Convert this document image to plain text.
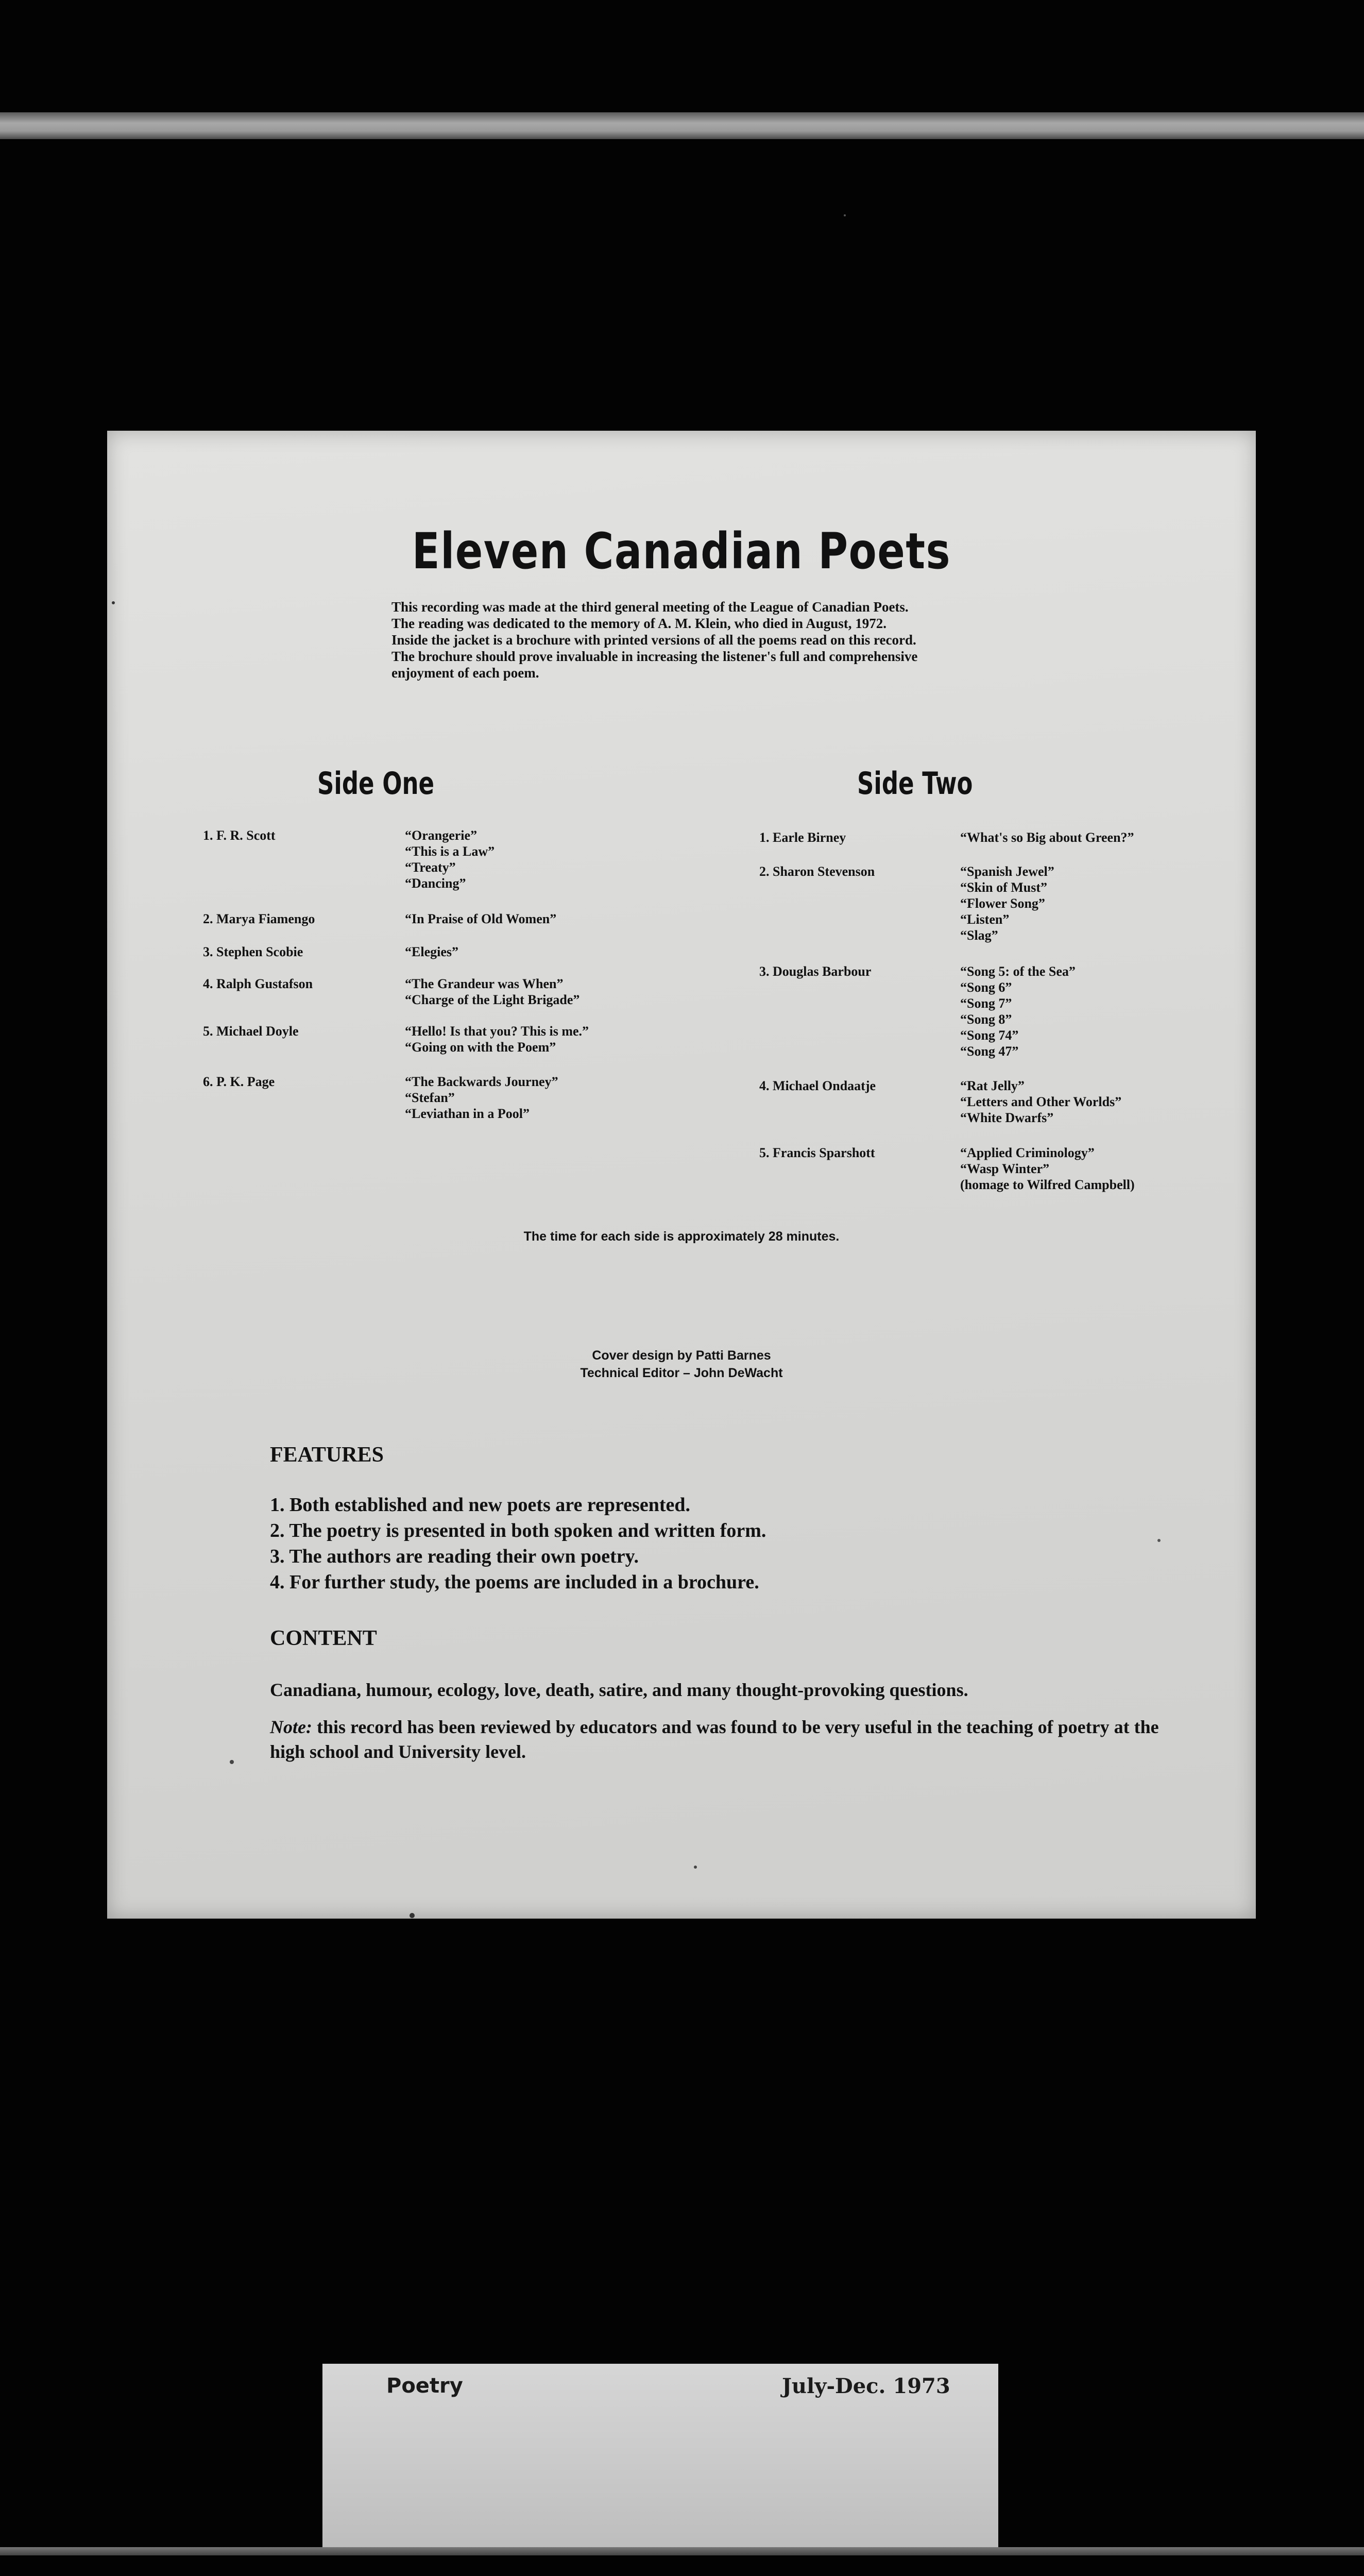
Eleven Canadian Poets
This recording was made at the third general meeting of the League of Canadian Poets.
The reading was dedicated to the memory of A. M. Klein, who died in August, 1972.
Inside the jacket is a brochure with printed versions of all the poems read on this record.
The brochure should prove invaluable in increasing the listener's full and comprehensive
enjoyment of each poem.
Side One
1. F. R. Scott	“Orangerie”
“This is a Law”
“Treaty”
“Dancing”
2. Marya Fiamengo	“In Praise of Old Women”
3. Stephen Scobie	“Elegies”
4. Ralph Gustafson	“The Grandeur was When”
“Charge of the Light Brigade”
5. Michael Doyle	“Hello! Is that you? This is me.”
“Going on with the Poem”
6. P. K. Page	“The Backwards Journey”
“Stefan”
“Leviathan in a Pool”
Side Two
1. Earle Birney	“What's so Big about Green?”
2. Sharon Stevenson	“Spanish Jewel”
“Skin of Must”
“Flower Song”
“Listen”
“Slag”
3. Douglas Barbour	“Song 5: of the Sea”
“Song 6”
“Song 7”
“Song 8”
“Song 74”
“Song 47”
4. Michael Ondaatje	“Rat Jelly”
“Letters and Other Worlds”
“White Dwarfs”
5. Francis Sparshott	“Applied Criminology”
“Wasp Winter”
(homage to Wilfred Campbell)
The time for each side is approximately 28 minutes.
Cover design by Patti Barnes
Technical Editor – John DeWacht
FEATURES
1. Both established and new poets are represented.
2. The poetry is presented in both spoken and written form.
3. The authors are reading their own poetry.
4. For further study, the poems are included in a brochure.
CONTENT
Canadiana, humour, ecology, love, death, satire, and many thought-provoking questions.
Note: this record has been reviewed by educators and was found to be very useful in the teaching of poetry at the high school and University level.
Poetry	July-Dec. 1973
